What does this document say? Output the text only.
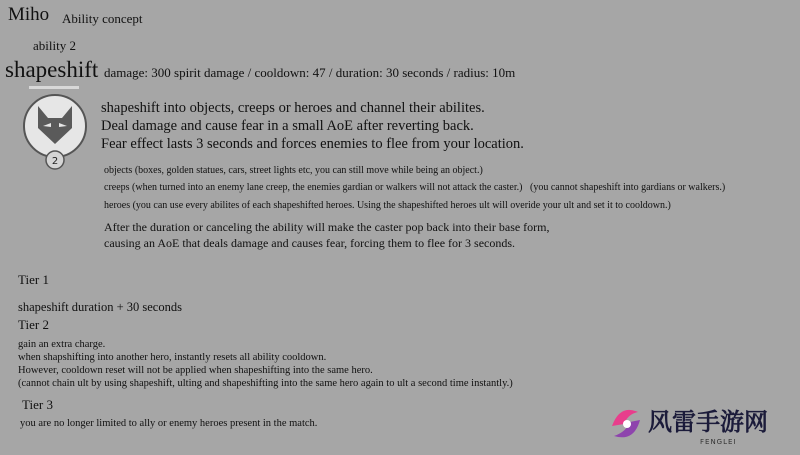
Miho Ability concept
ability 2
shapeshift damage: 300 spirit damage / cooldown: 47 / duration: 30 seconds / radius: 10m
2
shapeshift into objects, creeps or heroes and channel their abilites.
Deal damage and cause fear in a small AoE after reverting back.
Fear effect lasts 3 seconds and forces enemies to flee from your location.
objects (boxes, golden statues, cars, street lights etc, you can still move while being an object.)
creeps (when turned into an enemy lane creep, the enemies gardian or walkers will not attack the caster.) (you cannot shapeshift into gardians or walkers.)
heroes (you can use every abilites of each shapeshifted heroes. Using the shapeshifted heroes ult will overide your ult and set it to cooldown.)
After the duration or canceling the ability will make the caster pop back into their base form,
causing an AoE that deals damage and causes fear, forcing them to flee for 3 seconds.
Tier 1
shapeshift duration + 30 seconds
Tier 2
gain an extra charge.
when shapshifting into another hero, instantly resets all ability cooldown.
However, cooldown reset will not be applied when shapeshifting into the same hero.
(cannot chain ult by using shapeshift, ulting and shapeshifting into the same hero again to ult a second time instantly.)
Tier 3
you are no longer limited to ally or enemy heroes present in the match.	风雷手游网
FENGLEI
